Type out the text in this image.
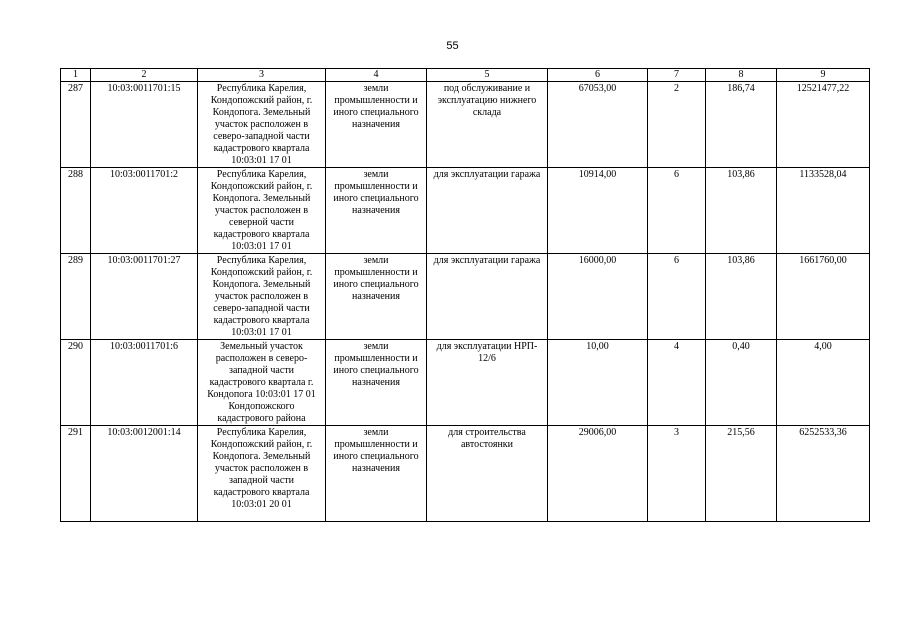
55
1	2	3	4	5	6	7	8	9
287	10:03:0011701:15	Республика Карелия, Кондопожский район, г. Кондопога. Земельный участок расположен в северо-западной части кадастрового квартала 10:03:01 17 01	земли промышленности и иного специального назначения	под обслуживание и эксплуатацию нижнего склада	67053,00	2	186,74	12521477,22
288	10:03:0011701:2	Республика Карелия, Кондопожский район, г. Кондопога. Земельный участок расположен в северной части кадастрового квартала 10:03:01 17 01	земли промышленности и иного специального назначения	для эксплуатации гаража	10914,00	6	103,86	1133528,04
289	10:03:0011701:27	Республика Карелия, Кондопожский район, г. Кондопога. Земельный участок расположен в северо-западной части кадастрового квартала 10:03:01 17 01	земли промышленности и иного специального назначения	для эксплуатации гаража	16000,00	6	103,86	1661760,00
290	10:03:0011701:6	Земельный участок расположен в северо-западной части кадастрового квартала г. Кондопога 10:03:01 17 01 Кондопожского кадастрового района	земли промышленности и иного специального назначения	для эксплуатации НРП- 12/6	10,00	4	0,40	4,00
291	10:03:0012001:14	Республика Карелия, Кондопожский район, г. Кондопога. Земельный участок расположен в западной части кадастрового квартала 10:03:01 20 01	земли промышленности и иного специального назначения	для строительства автостоянки	29006,00	3	215,56	6252533,36
